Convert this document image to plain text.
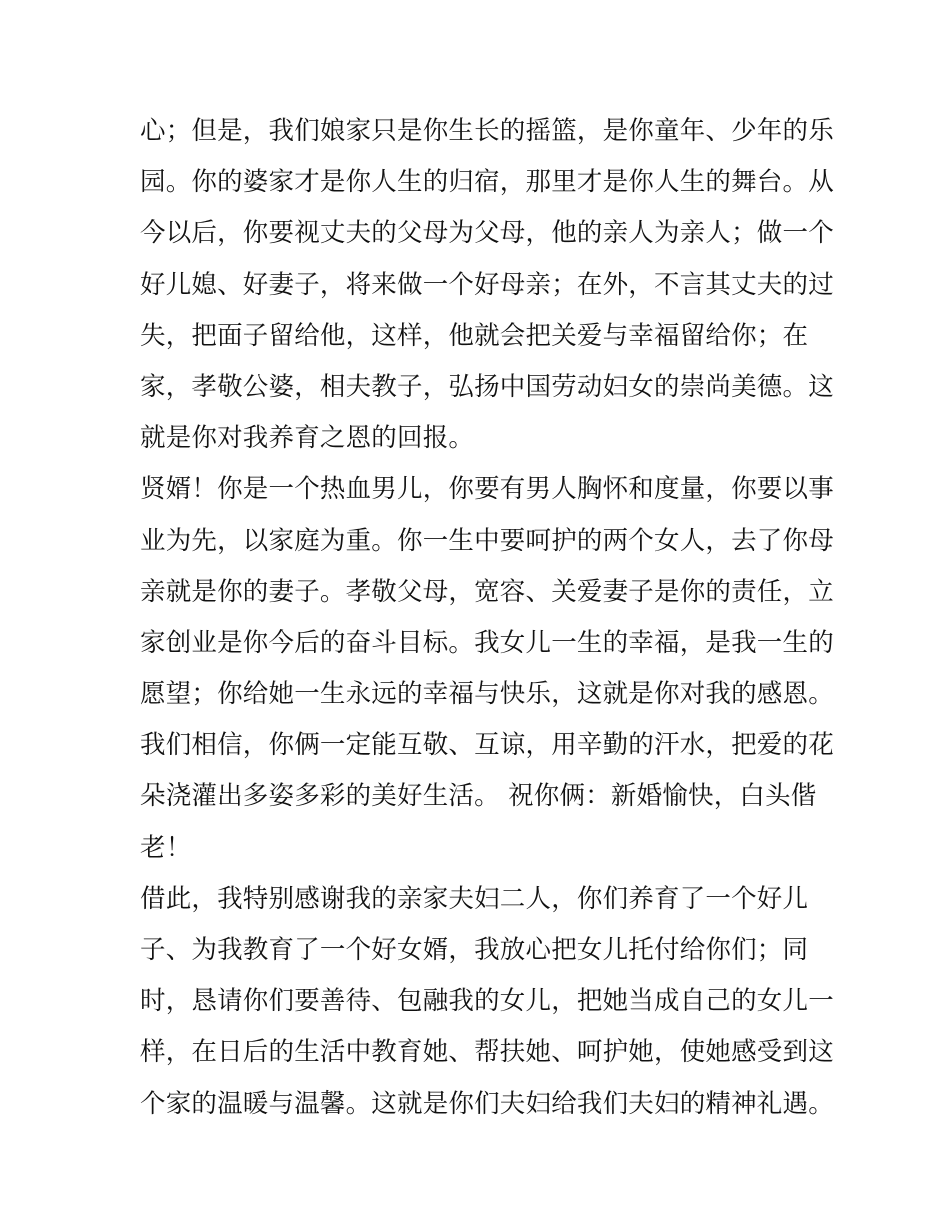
心；但是，我们娘家只是你生长的摇篮，是你童年、少年的乐
园。你的婆家才是你人生的归宿，那里才是你人生的舞台。从
今以后，你要视丈夫的父母为父母，他的亲人为亲人；做一个
好儿媳、好妻子，将来做一个好母亲；在外，不言其丈夫的过
失，把面子留给他，这样，他就会把关爱与幸福留给你；在
家，孝敬公婆，相夫教子，弘扬中国劳动妇女的崇尚美德。这
就是你对我养育之恩的回报。
贤婿！你是一个热血男儿，你要有男人胸怀和度量，你要以事
业为先，以家庭为重。你一生中要呵护的两个女人，去了你母
亲就是你的妻子。孝敬父母，宽容、关爱妻子是你的责任，立
家创业是你今后的奋斗目标。我女儿一生的幸福，是我一生的
愿望；你给她一生永远的幸福与快乐，这就是你对我的感恩。
我们相信，你俩一定能互敬、互谅，用辛勤的汗水，把爱的花
朵浇灌出多姿多彩的美好生活。 祝你俩：新婚愉快，白头偕
老！
借此，我特别感谢我的亲家夫妇二人，你们养育了一个好儿
子、为我教育了一个好女婿，我放心把女儿托付给你们；同
时，恳请你们要善待、包融我的女儿，把她当成自己的女儿一
样，在日后的生活中教育她、帮扶她、呵护她，使她感受到这
个家的温暖与温馨。这就是你们夫妇给我们夫妇的精神礼遇。
